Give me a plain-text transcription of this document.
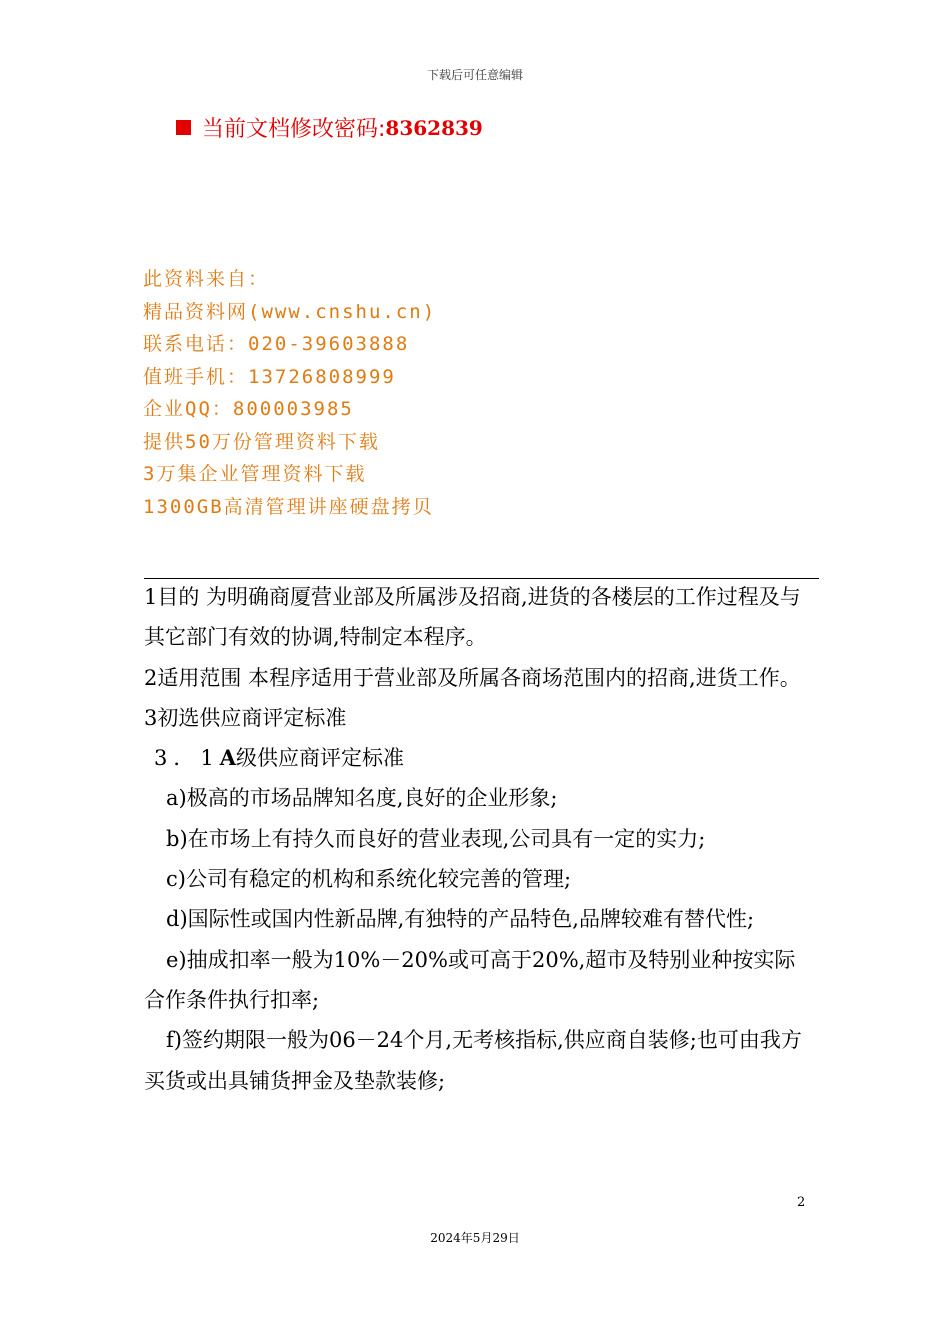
下载后可任意编辑
当前文档修改密码: 8362839
此资料来自：
精品资料网(www.cnshu.cn)
联系电话：020-39603888
值班手机：13726808999
企业QQ：800003985
提供50万份管理资料下载
3万集企业管理资料下载
1300GB高清管理讲座硬盘拷贝

1目的 为明确商厦营业部及所属涉及招商,进货的各楼层的工作过程及与其它部门有效的协调,特制定本程序。

2适用范围 本程序适用于营业部及所属各商场范围内的招商,进货工作。

3初选供应商评定标准

3．1A级供应商评定标准

a)极高的市场品牌知名度,良好的企业形象;

b)在市场上有持久而良好的营业表现,公司具有一定的实力;

c)公司有稳定的机构和系统化较完善的管理;

d)国际性或国内性新品牌,有独特的产品特色,品牌较难有替代性;

e)抽成扣率一般为10%－20%或可高于20%,超市及特别业种按实际合作条件执行扣率;

f)签约期限一般为06－24个月,无考核指标,供应商自装修;也可由我方买货或出具铺货押金及垫款装修;

2
2024年5月29日
